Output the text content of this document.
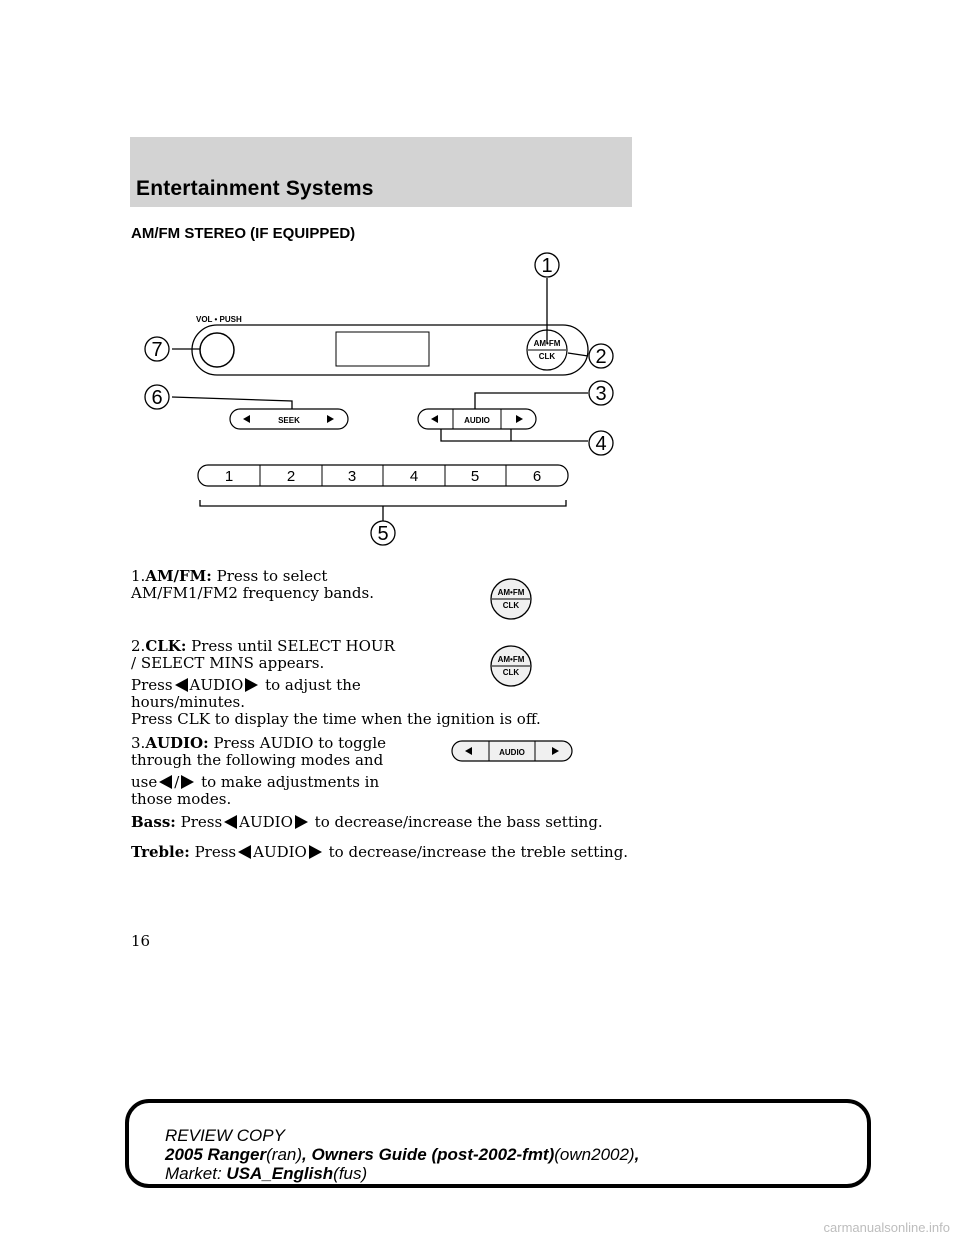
Entertainment Systems
AM/FM STEREO (IF EQUIPPED)
VOL • PUSH
AM•FM
CLK
SEEK	AUDIO
1	2	3	4	5	6
1
2
3
4
5
6
7
1.AM/FM: Press to select
AM/FM1/FM2 frequency bands.	AM•FM
CLK
2.CLK: Press until SELECT HOUR
/ SELECT MINS appears.
Press AUDIO to adjust the
hours/minutes.
Press CLK to display the time when the ignition is off.
AM•FM
CLK
3.AUDIO: Press AUDIO to toggle
through the following modes and
use / to make adjustments in
those modes.
AUDIO
Bass: Press AUDIO to decrease/increase the bass setting.
Treble: Press AUDIO to decrease/increase the treble setting.
16
REVIEW COPY
2005 Ranger(ran), Owners Guide (post-2002-fmt)(own2002),
Market: USA_English(fus)
carmanualsonline.info
